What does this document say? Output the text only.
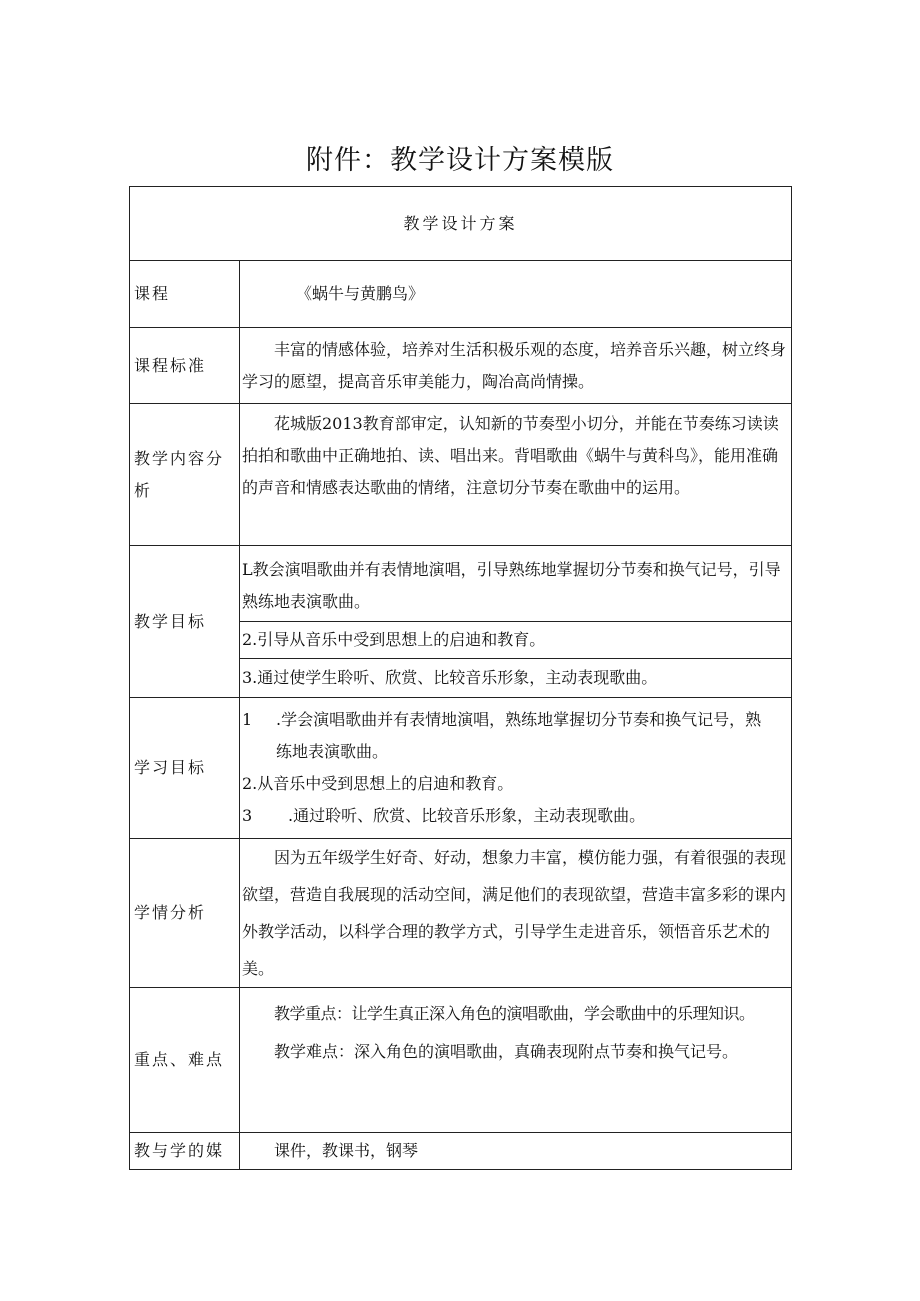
附件：教学设计方案模版
教学设计方案	
课程	《蜗牛与黄鹏鸟》
课程标准	丰富的情感体验，培养对生活积极乐观的态度，培养音乐兴趣，树立终身学习的愿望，提高音乐审美能力，陶冶高尚情操。
教学内容分析	花城版2013教育部审定，认知新的节奏型小切分，并能在节奏练习读读拍拍和歌曲中正确地拍、读、唱出来。背唱歌曲《蜗牛与黄科鸟》，能用准确的声音和情感表达歌曲的情绪，注意切分节奏在歌曲中的运用。
教学目标	L教会演唱歌曲并有表情地演唱，引导熟练地掌握切分节奏和换气记号，引导熟练地表演歌曲。
2.引导从音乐中受到思想上的启迪和教育。
3.通过使学生聆听、欣赏、比较音乐形象，主动表现歌曲。

学习目标	1 .学会演唱歌曲并有表情地演唱，熟练地掌握切分节奏和换气记号，熟
练地表演歌曲。
2.从音乐中受到思想上的启迪和教育。
3 .通过聆听、欣赏、比较音乐形象，主动表现歌曲。

学情分析	因为五年级学生好奇、好动，想象力丰富，模仿能力强，有着很强的表现欲望，营造自我展现的活动空间，满足他们的表现欲望，营造丰富多彩的课内外教学活动，以科学合理的教学方式，引导学生走进音乐，领悟音乐艺术的美。
重点、难点	教学重点：让学生真正深入角色的演唱歌曲，学会歌曲中的乐理知识。
教学难点：深入角色的演唱歌曲，真确表现附点节奏和换气记号。

教与学的媒	课件，教课书，钢琴
